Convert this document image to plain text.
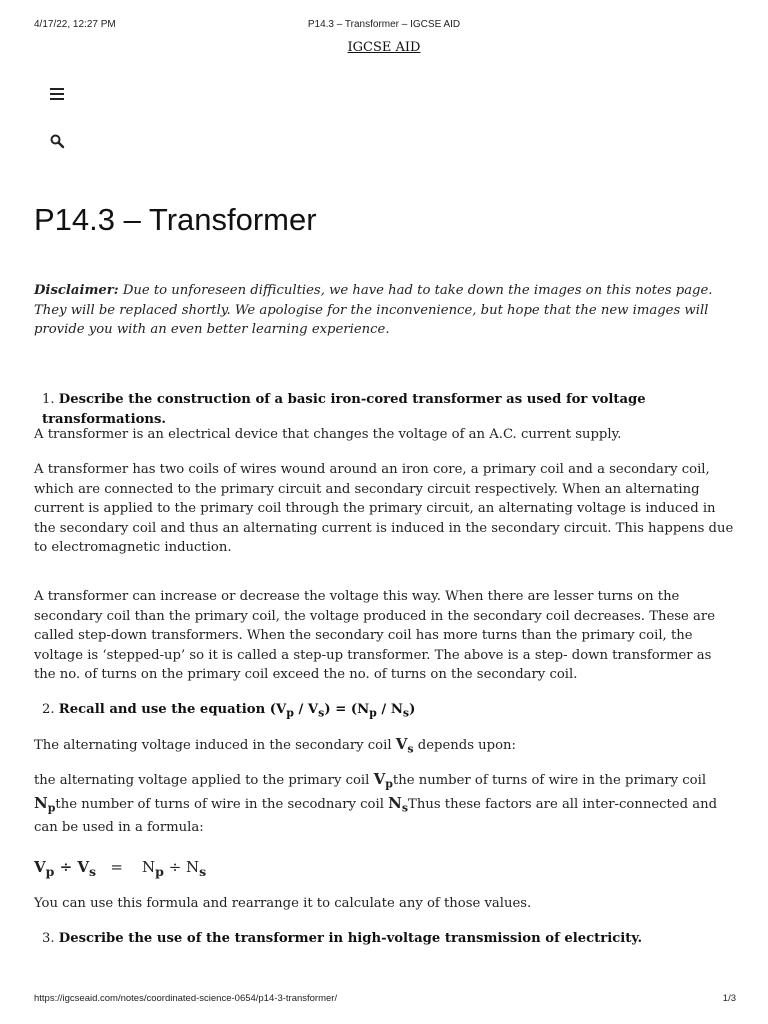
4/17/22, 12:27 PM	P14.3 – Transformer – IGCSE AID
IGCSE AID
P14.3 – Transformer
Disclaimer: Due to unforeseen difficulties, we have had to take down the images on this notes page. They will be replaced shortly. We apologise for the inconvenience, but hope that the new images will provide you with an even better learning experience.
1. Describe the construction of a basic iron-cored transformer as used for voltage transformations.
A transformer is an electrical device that changes the voltage of an A.C. current supply.
A transformer has two coils of wires wound around an iron core, a primary coil and a secondary coil, which are connected to the primary circuit and secondary circuit respectively. When an alternating current is applied to the primary coil through the primary circuit, an alternating voltage is induced in the secondary coil and thus an alternating current is induced in the secondary circuit. This happens due to electromagnetic induction.
A transformer can increase or decrease the voltage this way. When there are lesser turns on the secondary coil than the primary coil, the voltage produced in the secondary coil decreases. These are called step-down transformers. When the secondary coil has more turns than the primary coil, the voltage is ‘stepped-up’ so it is called a step-up transformer. The above is a step- down transformer as the no. of turns on the primary coil exceed the no. of turns on the secondary coil.
2. Recall and use the equation $(V_p / V_s) = (N_p / N_s)$
The alternating voltage induced in the secondary coil $V_s$ depends upon:
the alternating voltage applied to the primary coil $V_pthe$ number of turns of wire in the primary coil $N_pthe$ number of turns of wire in the secodnary coil $N_sThus$ these factors are all inter-connected and can be used in a formula:
$V_p \div V_s$   =    $N_p \div N_s$
You can use this formula and rearrange it to calculate any of those values.
3. Describe the use of the transformer in high-voltage transmission of electricity.
https://igcseaid.com/notes/coordinated-science-0654/p14-3-transformer/	1/3
